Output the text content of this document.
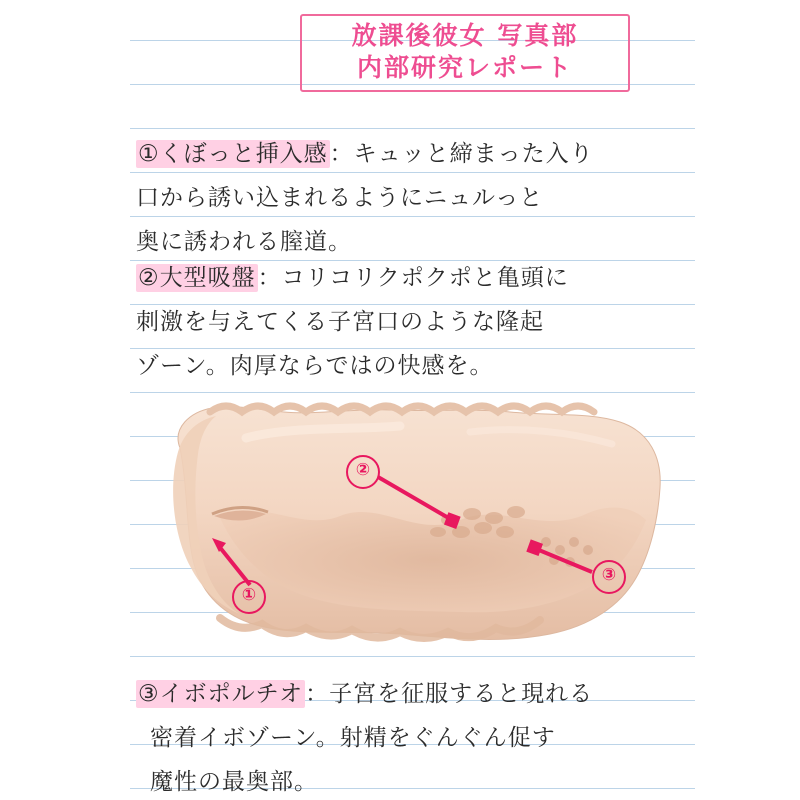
放課後彼女 写真部
内部研究レポート
①くぼっと挿入感：キュッと締まった入り
口から誘い込まれるようにニュルっと
奥に誘われる膣道。
②大型吸盤：コリコリクポクポと亀頭に
刺激を与えてくる子宮口のような隆起
ゾーン。肉厚ならではの快感を。
①
②
③
③イボポルチオ：子宮を征服すると現れる
密着イボゾーン。射精をぐんぐん促す
魔性の最奥部。
